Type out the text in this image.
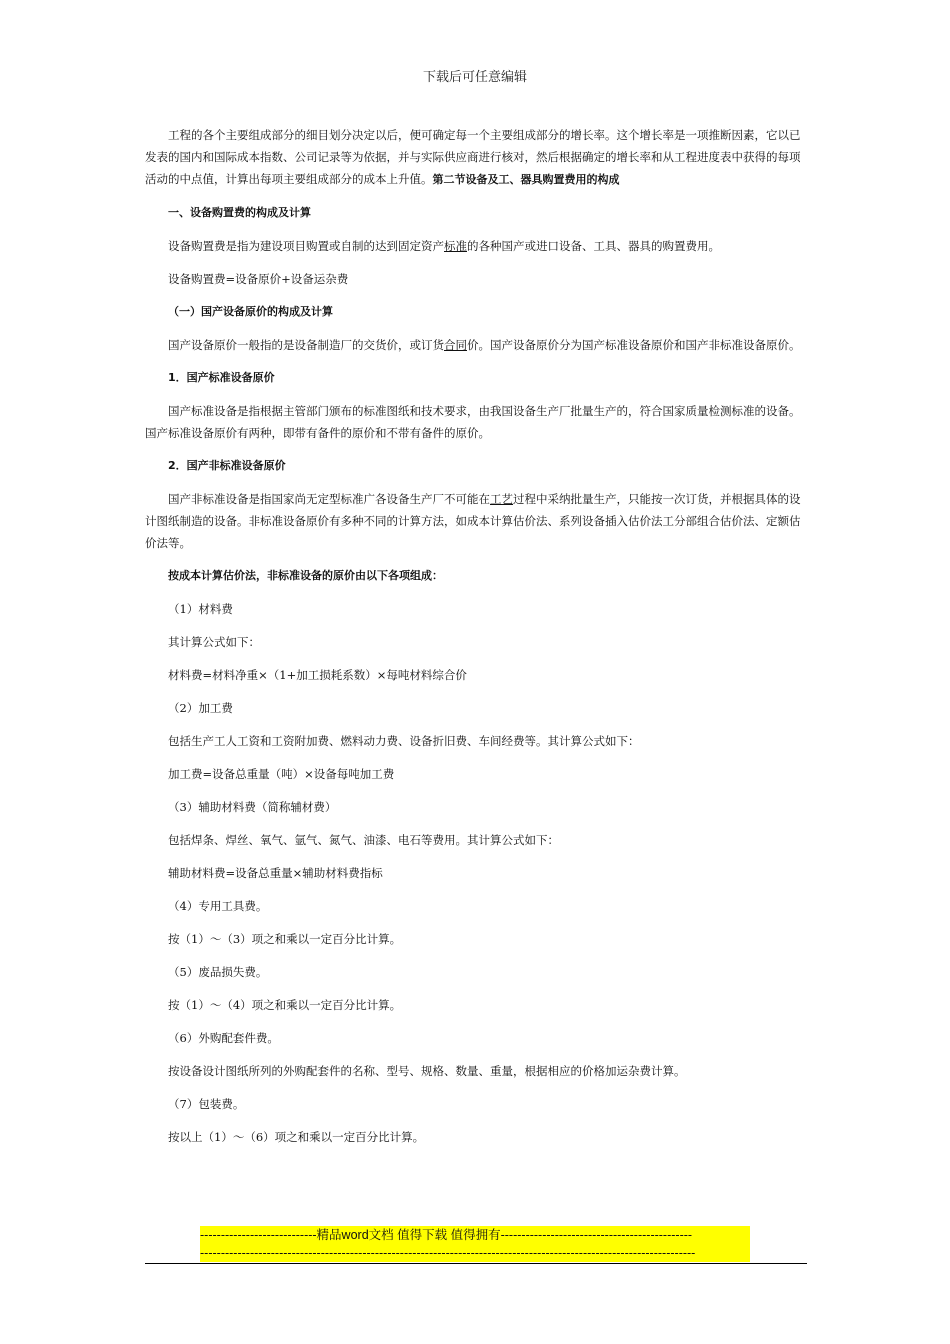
下载后可任意编辑

工程的各个主要组成部分的细目划分决定以后，便可确定每一个主要组成部分的增长率。这个增长率是一项推断因素，它以已发表的国内和国际成本指数、公司记录等为依据，并与实际供应商进行核对，然后根据确定的增长率和从工程进度表中获得的每项活动的中点值，计算出每项主要组成部分的成本上升值。第二节设备及工、器具购置费用的构成

一、设备购置费的构成及计算

设备购置费是指为建设项目购置或自制的达到固定资产标准的各种国产或进口设备、工具、器具的购置费用。

设备购置费=设备原价+设备运杂费

（一）国产设备原价的构成及计算

国产设备原价一般指的是设备制造厂的交货价，或订货合同价。国产设备原价分为国产标准设备原价和国产非标准设备原价。

1．国产标准设备原价

国产标准设备是指根据主管部门颁布的标准图纸和技术要求，由我国设备生产厂批量生产的，符合国家质量检测标准的设备。国产标准设备原价有两种，即带有备件的原价和不带有备件的原价。

2．国产非标准设备原价

国产非标准设备是指国家尚无定型标准广各设备生产厂不可能在工艺过程中采纳批量生产，只能按一次订货，并根据具体的设计图纸制造的设备。非标准设备原价有多种不同的计算方法，如成本计算估价法、系列设备插入估价法工分部组合估价法、定额估价法等。

按成本计算估价法，非标准设备的原价由以下各项组成：

（1）材料费

其计算公式如下：

材料费=材料净重×（1+加工损耗系数）×每吨材料综合价

（2）加工费

包括生产工人工资和工资附加费、燃料动力费、设备折旧费、车间经费等。其计算公式如下：

加工费=设备总重量（吨）×设备每吨加工费

（3）辅助材料费（简称辅材费）

包括焊条、焊丝、氧气、氩气、氮气、油漆、电石等费用。其计算公式如下：

辅助材料费=设备总重量×辅助材料费指标

（4）专用工具费。

按（1）～（3）项之和乘以一定百分比计算。

（5）废品损失费。

按（1）～（4）项之和乘以一定百分比计算。

（6）外购配套件费。

按设备设计图纸所列的外购配套件的名称、型号、规格、数量、重量，根据相应的价格加运杂费计算。

（7）包装费。

按以上（1）～（6）项之和乘以一定百分比计算。

----------------------------精品word文档 值得下载 值得拥有----------------------------------------------
-----------------------------------------------------------------------------------------------------------------------
